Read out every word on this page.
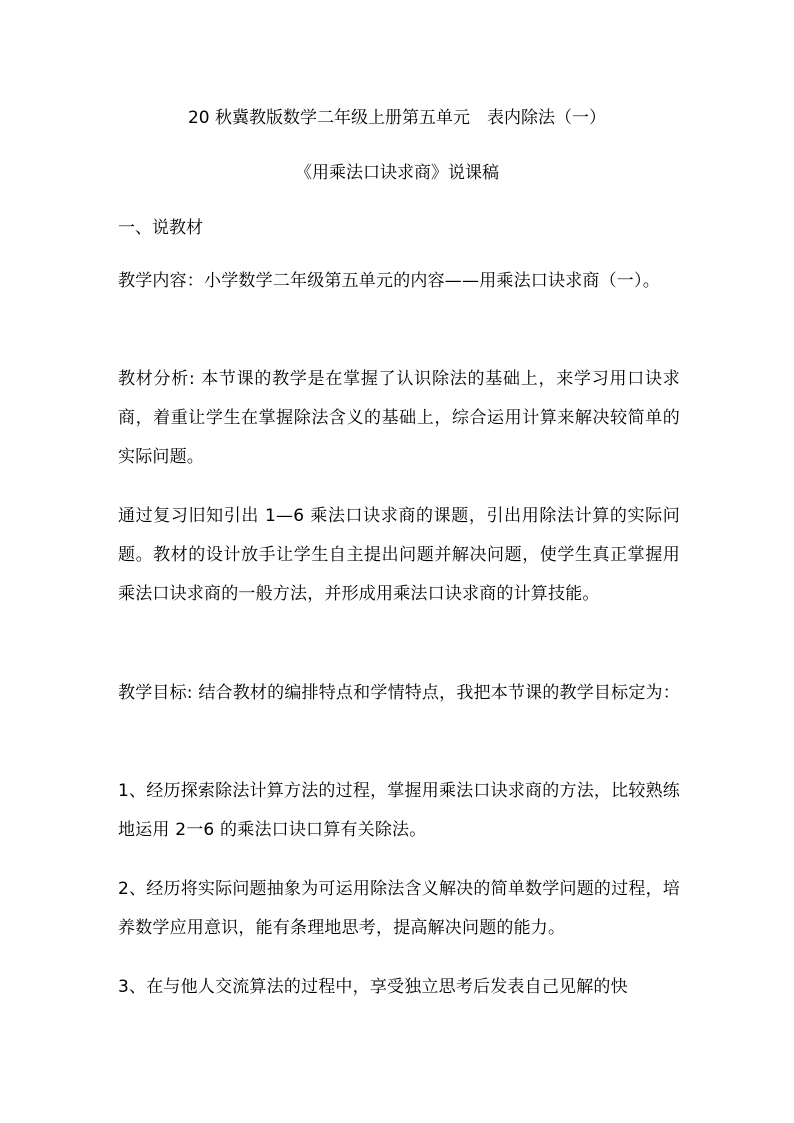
20 秋冀教版数学二年级上册第五单元　表内除法（一）
《用乘法口诀求商》说课稿
一、说教材
教学内容：小学数学二年级第五单元的内容——用乘法口诀求商（一）。
教材分析: 本节课的教学是在掌握了认识除法的基础上，来学习用口诀求商，着重让学生在掌握除法含义的基础上，综合运用计算来解决较简单的实际问题。
通过复习旧知引出 1—6 乘法口诀求商的课题，引出用除法计算的实际问题。教材的设计放手让学生自主提出问题并解决问题，使学生真正掌握用乘法口诀求商的一般方法，并形成用乘法口诀求商的计算技能。
教学目标: 结合教材的编排特点和学情特点，我把本节课的教学目标定为：
1、经历探索除法计算方法的过程，掌握用乘法口诀求商的方法，比较熟练地运用 2一6 的乘法口诀口算有关除法。
2、经历将实际问题抽象为可运用除法含义解决的简单数学问题的过程，培养数学应用意识，能有条理地思考，提高解决问题的能力。
3、在与他人交流算法的过程中，享受独立思考后发表自己见解的快
